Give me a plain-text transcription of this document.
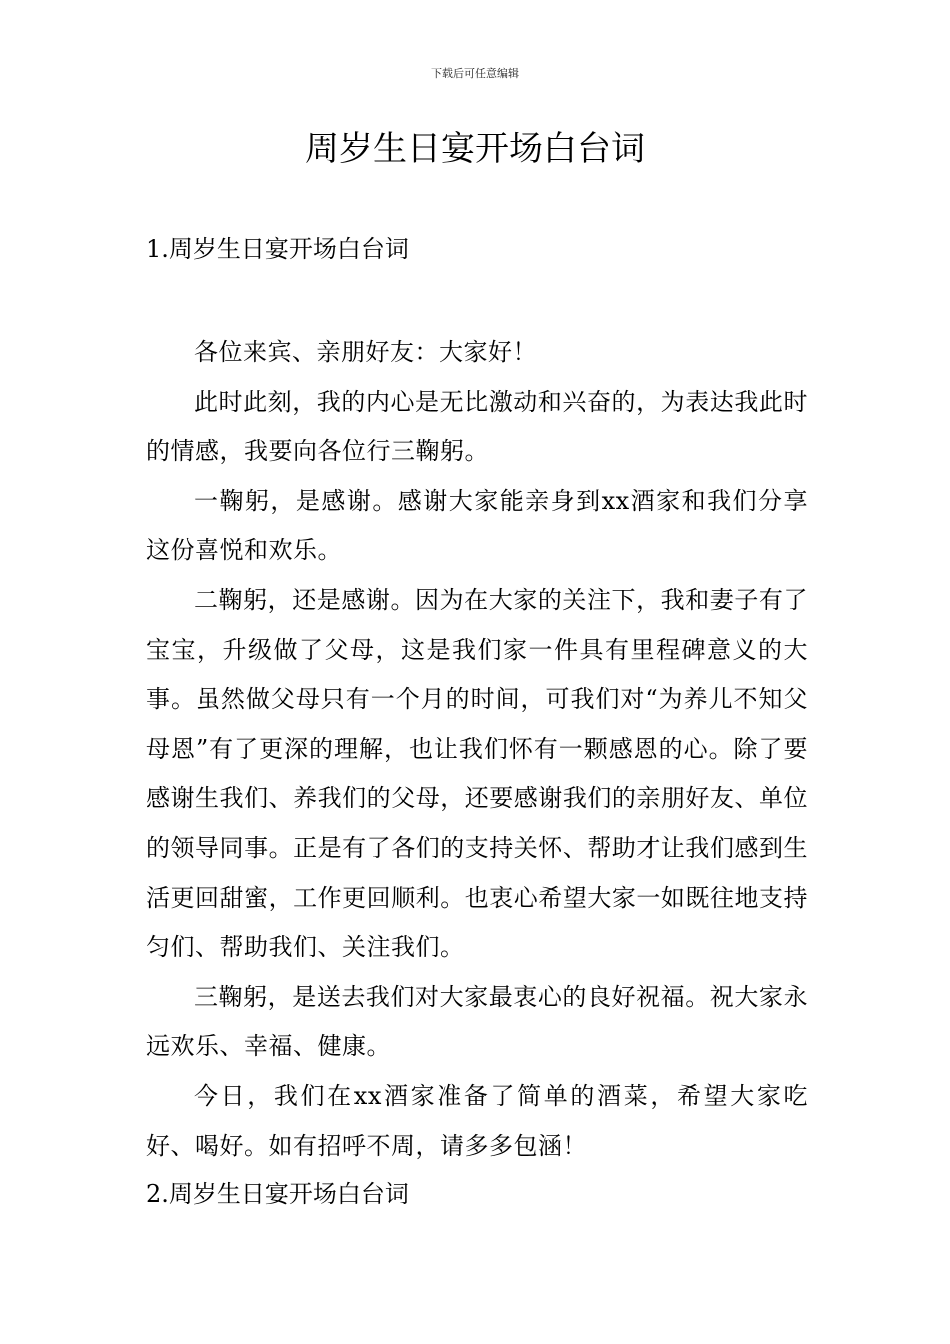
下载后可任意编辑
周岁生日宴开场白台词
1.周岁生日宴开场白台词

各位来宾、亲朋好友：大家好！

此时此刻，我的内心是无比激动和兴奋的，为表达我此时的情感，我要向各位行三鞠躬。

一鞠躬，是感谢。感谢大家能亲身到xx酒家和我们分享这份喜悦和欢乐。

二鞠躬，还是感谢。因为在大家的关注下，我和妻子有了宝宝，升级做了父母，这是我们家一件具有里程碑意义的大事。虽然做父母只有一个月的时间，可我们对“为养儿不知父母恩”有了更深的理解，也让我们怀有一颗感恩的心。除了要感谢生我们、养我们的父母，还要感谢我们的亲朋好友、单位的领导同事。正是有了各们的支持关怀、帮助才让我们感到生活更回甜蜜，工作更回顺利。也衷心希望大家一如既往地支持匀们、帮助我们、关注我们。

三鞠躬，是送去我们对大家最衷心的良好祝福。祝大家永远欢乐、幸福、健康。

今日，我们在xx酒家准备了简单的酒菜，希望大家吃好、喝好。如有招呼不周，请多多包涵！

2.周岁生日宴开场白台词
